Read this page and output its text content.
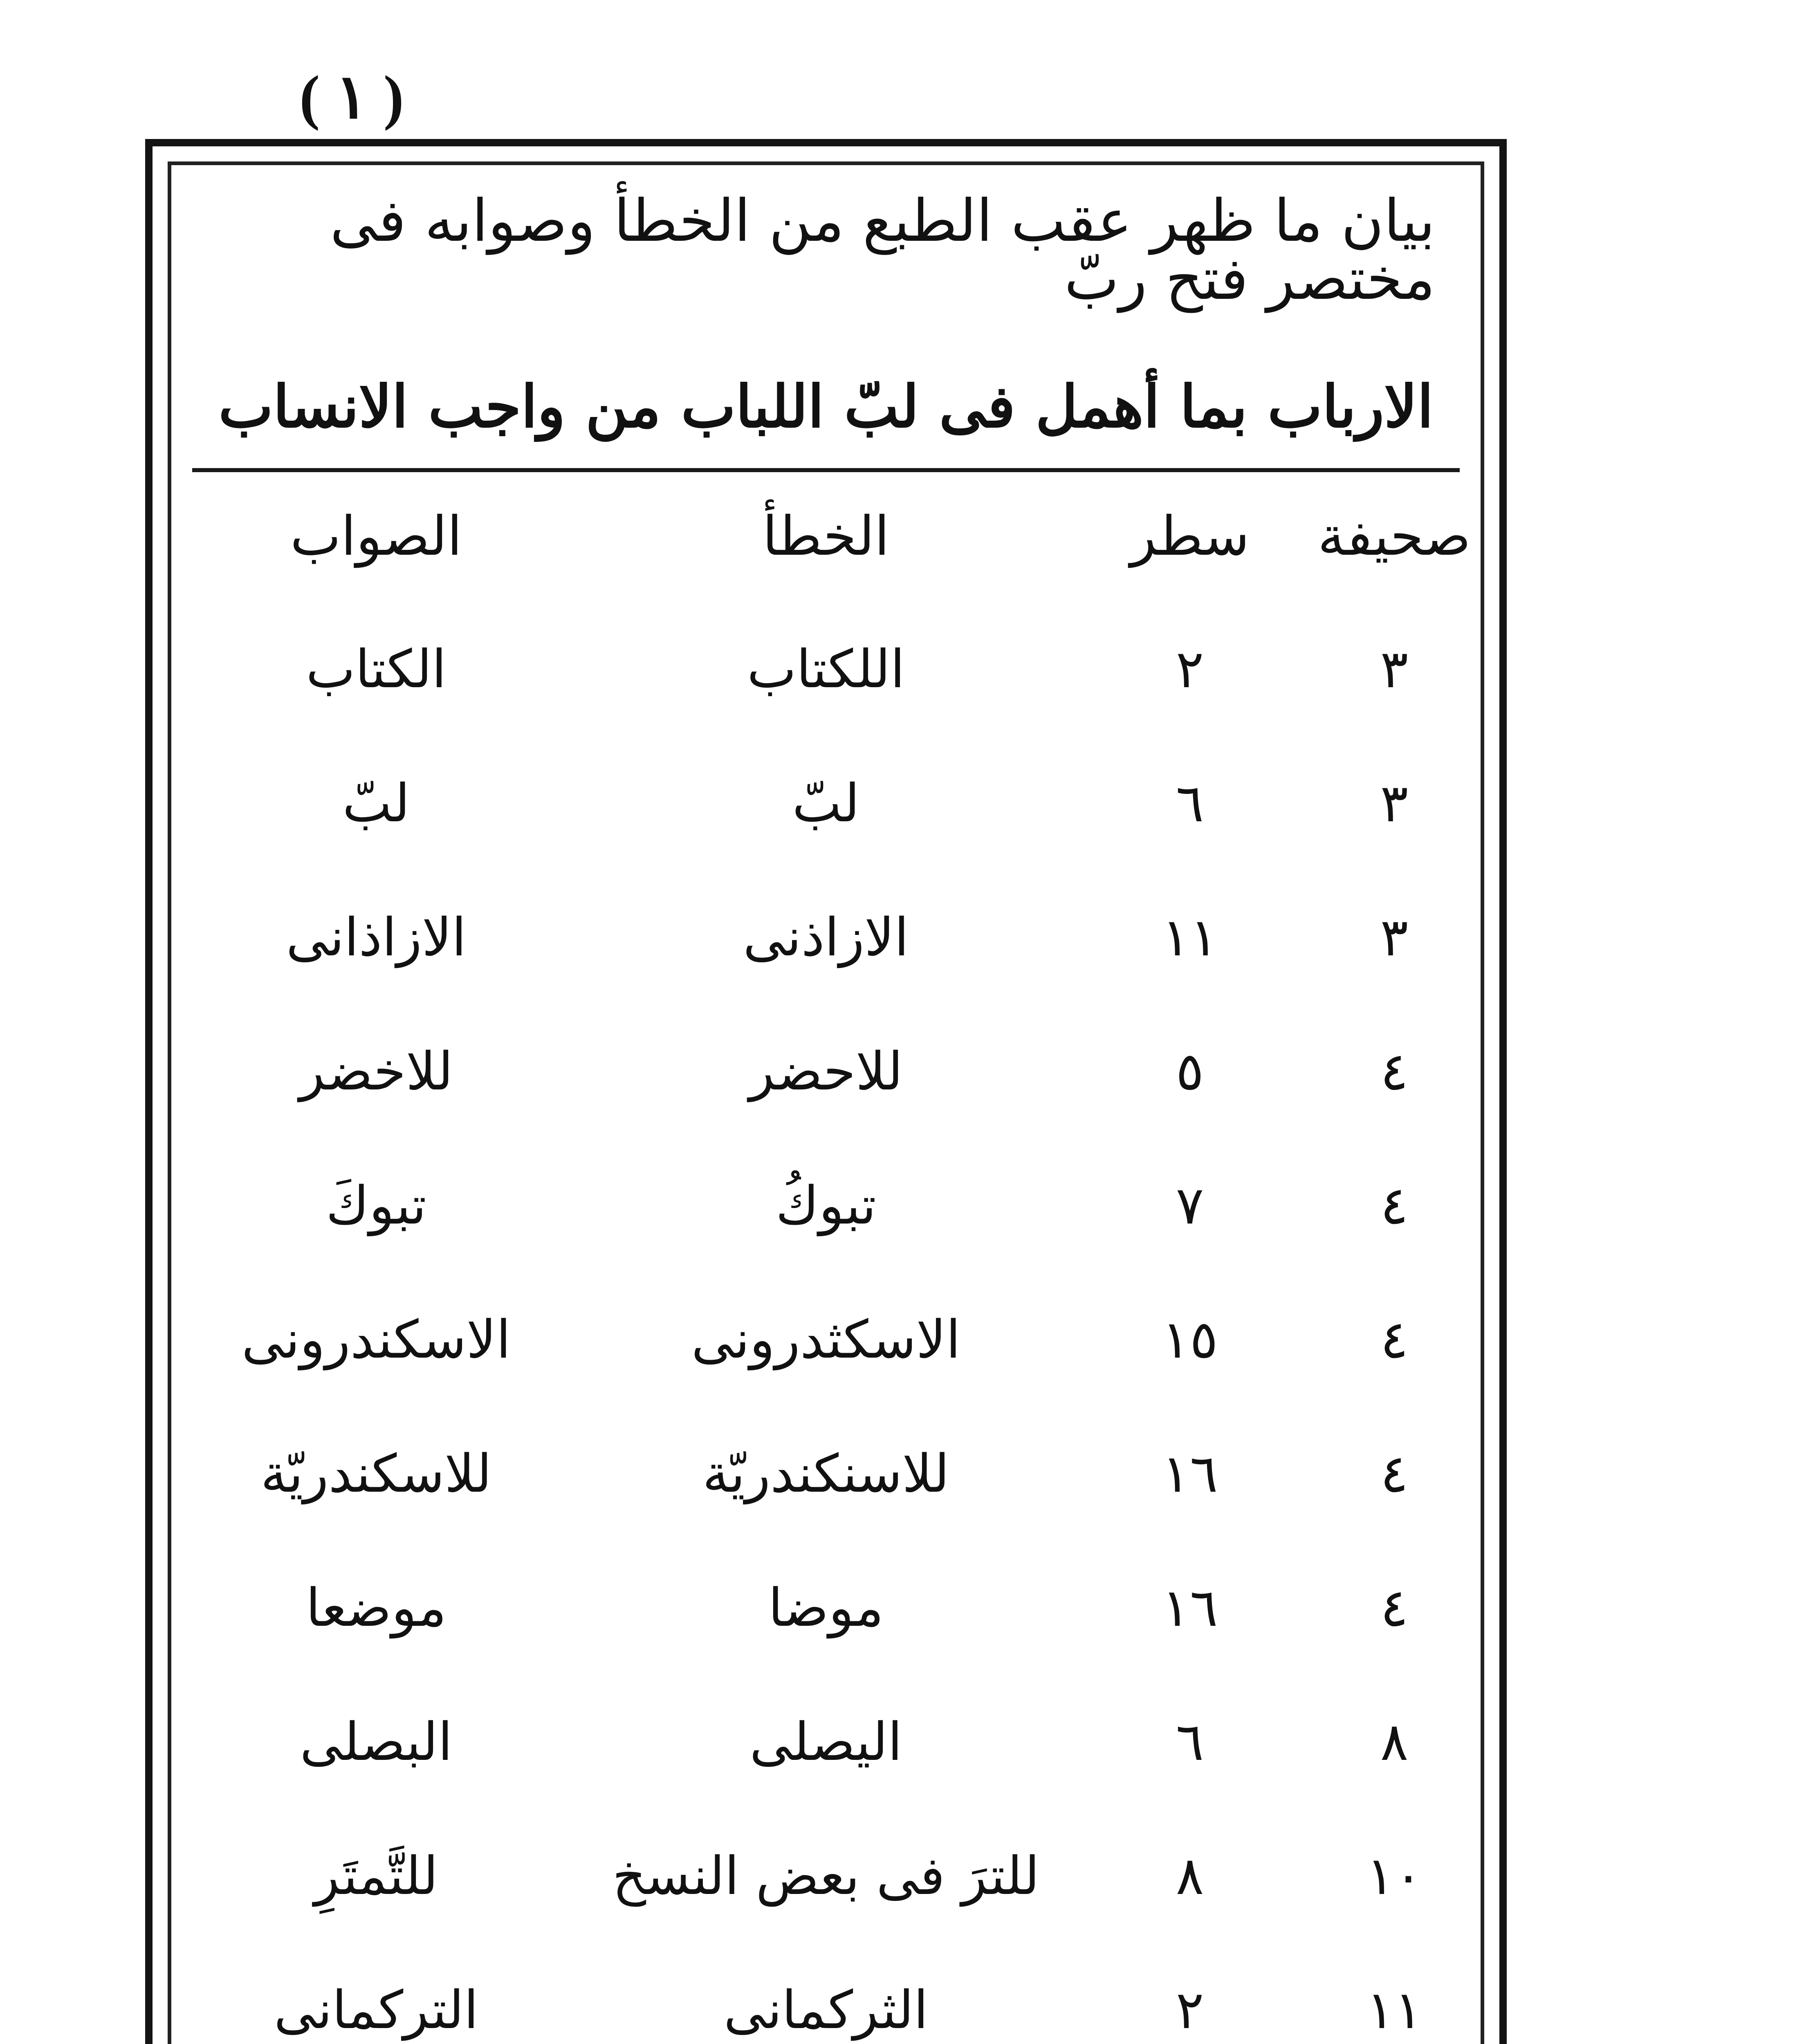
( ١ )
بيان ما ظهر عقب الطبع من الخطأ وصوابه فى مختصر فتح ربّ
الارباب بما أهمل فى لبّ اللباب من واجب الانساب
صحيفة
سطر
الخطأ
الصواب
٣
٢
اللكتاب
الكتاب
٣
٦
لبّ
لبّ
٣
١١
الازاذنى
الازاذانى
٤
٥
للاحضر
للاخضر
٤
٧
تبوكُ
تبوكَ
٤
١٥
الاسكثدرونى
الاسكندرونى
٤
١٦
للاسنكندريّة
للاسكندريّة
٤
١٦
موضا
موضعا
٨
٦
اليصلى
البصلى
١٠
٨
للترَ فى بعض النسخ
للتَّمتَرِ
١١
٢
الثركمانى
التركمانى
